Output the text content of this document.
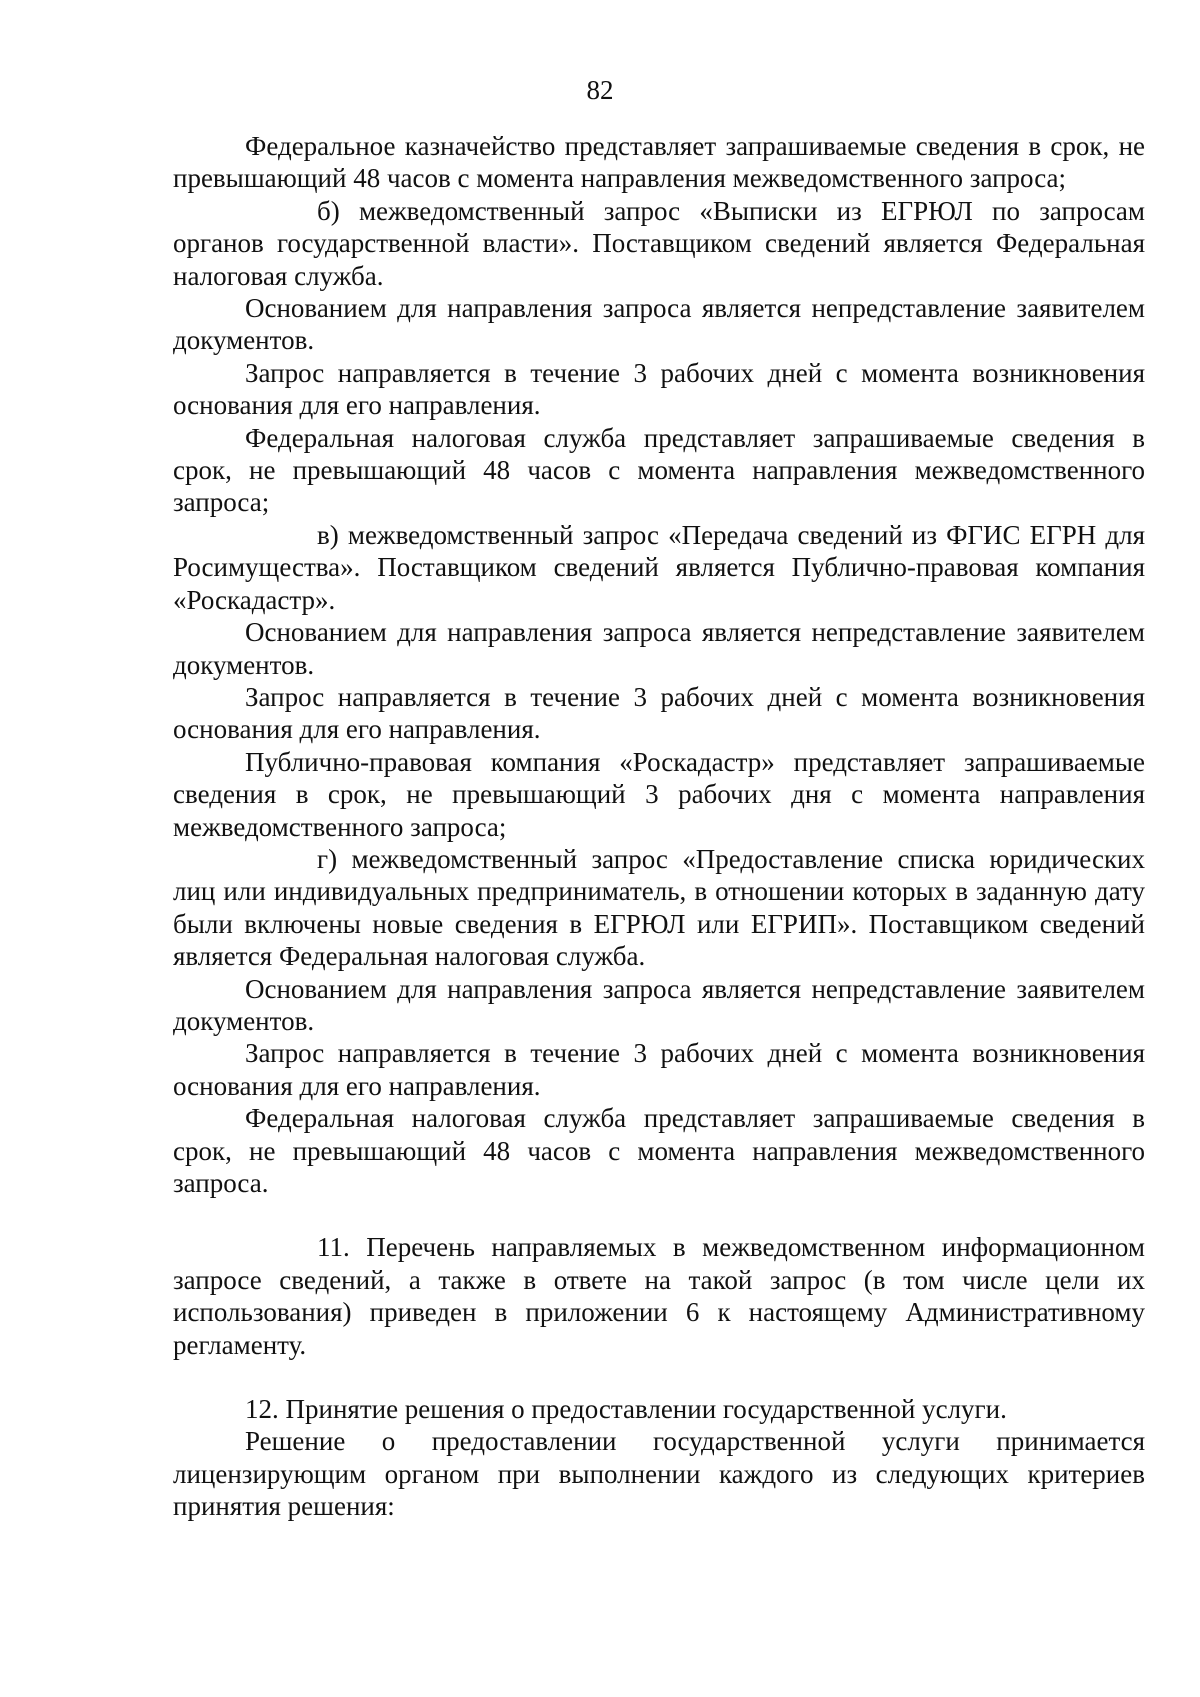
82

Федеральное казначейство представляет запрашиваемые сведения в срок, не превышающий 48 часов с момента направления межведомственного запроса;

б) межведомственный запрос «Выписки из ЕГРЮЛ по запросам органов государственной власти». Поставщиком сведений является Федеральная налоговая служба.

Основанием для направления запроса является непредставление заявителем документов.

Запрос направляется в течение 3 рабочих дней с момента возникновения основания для его направления.

Федеральная налоговая служба представляет запрашиваемые сведения в срок, не превышающий 48 часов с момента направления межведомственного запроса;

в) межведомственный запрос «Передача сведений из ФГИС ЕГРН для Росимущества». Поставщиком сведений является Публично-правовая компания «Роскадастр».

Основанием для направления запроса является непредставление заявителем документов.

Запрос направляется в течение 3 рабочих дней с момента возникновения основания для его направления.

Публично-правовая компания «Роскадастр» представляет запрашиваемые сведения в срок, не превышающий 3 рабочих дня с момента направления межведомственного запроса;

г) межведомственный запрос «Предоставление списка юридических лиц или индивидуальных предприниматель, в отношении которых в заданную дату были включены новые сведения в ЕГРЮЛ или ЕГРИП». Поставщиком сведений является Федеральная налоговая служба.

Основанием для направления запроса является непредставление заявителем документов.

Запрос направляется в течение 3 рабочих дней с момента возникновения основания для его направления.

Федеральная налоговая служба представляет запрашиваемые сведения в срок, не превышающий 48 часов с момента направления межведомственного запроса.

11. Перечень направляемых в межведомственном информационном запросе сведений, а также в ответе на такой запрос (в том числе цели их использования) приведен в приложении 6 к настоящему Административному регламенту.

12. Принятие решения о предоставлении государственной услуги.

Решение о предоставлении государственной услуги принимается лицензирующим органом при выполнении каждого из следующих критериев принятия решения:
